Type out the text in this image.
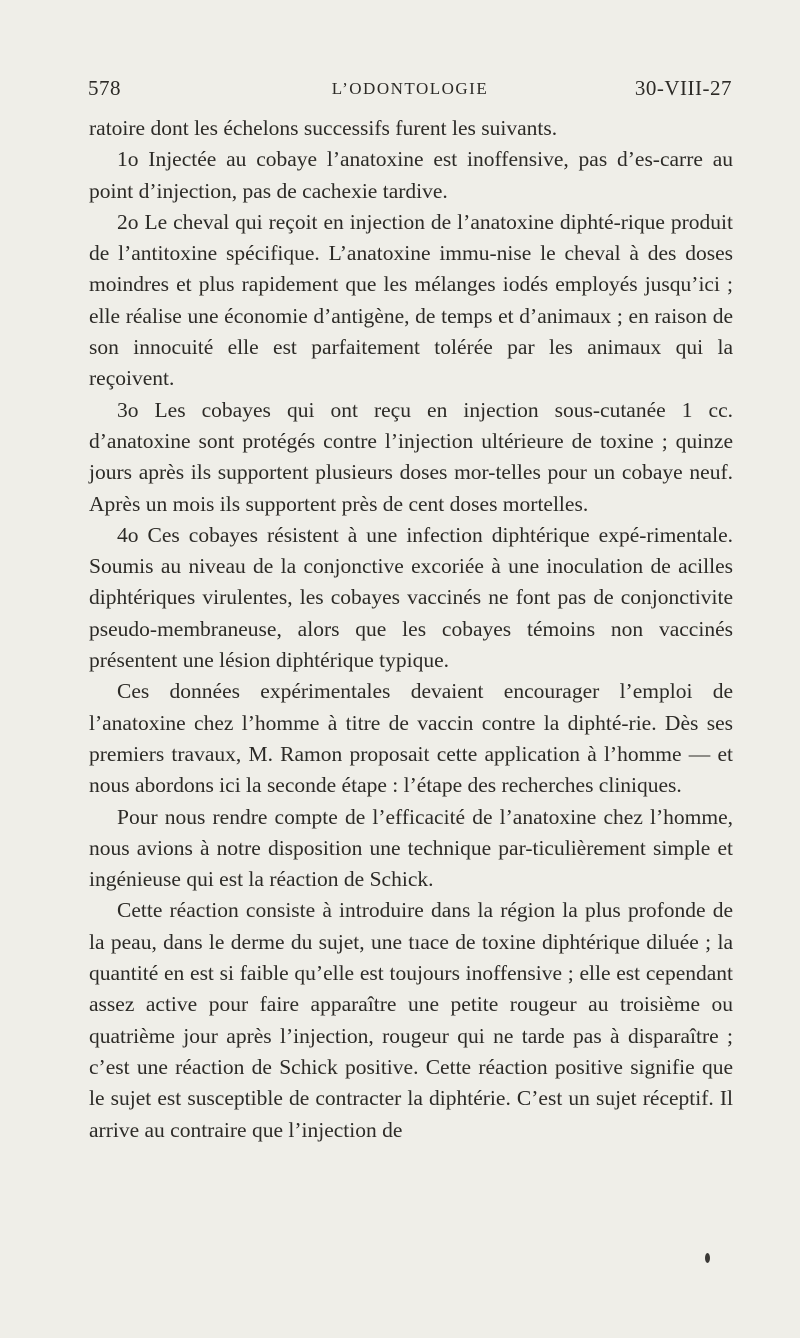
578	L’ODONTOLOGIE	30-VIII-27

ratoire dont les échelons successifs furent les suivants.

1o Injectée au cobaye l’anatoxine est inoffensive, pas d’es-carre au point d’injection, pas de cachexie tardive.

2o Le cheval qui reçoit en injection de l’anatoxine diphté-rique produit de l’antitoxine spécifique. L’anatoxine immu-nise le cheval à des doses moindres et plus rapidement que les mélanges iodés employés jusqu’ici ; elle réalise une économie d’antigène, de temps et d’animaux ; en raison de son innocuité elle est parfaitement tolérée par les animaux qui la reçoivent.

3o Les cobayes qui ont reçu en injection sous-cutanée 1 cc. d’anatoxine sont protégés contre l’injection ultérieure de toxine ; quinze jours après ils supportent plusieurs doses mor-telles pour un cobaye neuf. Après un mois ils supportent près de cent doses mortelles.

4o Ces cobayes résistent à une infection diphtérique expé-rimentale. Soumis au niveau de la conjonctive excoriée à une inoculation de acilles diphtériques virulentes, les cobayes vaccinés ne font pas de conjonctivite pseudo-membraneuse, alors que les cobayes témoins non vaccinés présentent une lésion diphtérique typique.

Ces données expérimentales devaient encourager l’emploi de l’anatoxine chez l’homme à titre de vaccin contre la diphté-rie. Dès ses premiers travaux, M. Ramon proposait cette application à l’homme — et nous abordons ici la seconde étape : l’étape des recherches cliniques.

Pour nous rendre compte de l’efficacité de l’anatoxine chez l’homme, nous avions à notre disposition une technique par-ticulièrement simple et ingénieuse qui est la réaction de Schick.

Cette réaction consiste à introduire dans la région la plus profonde de la peau, dans le derme du sujet, une tıace de toxine diphtérique diluée ; la quantité en est si faible qu’elle est toujours inoffensive ; elle est cependant assez active pour faire apparaître une petite rougeur au troisième ou quatrième jour après l’injection, rougeur qui ne tarde pas à disparaître ; c’est une réaction de Schick positive. Cette réaction positive signifie que le sujet est susceptible de contracter la diphtérie. C’est un sujet réceptif. Il arrive au contraire que l’injection de
